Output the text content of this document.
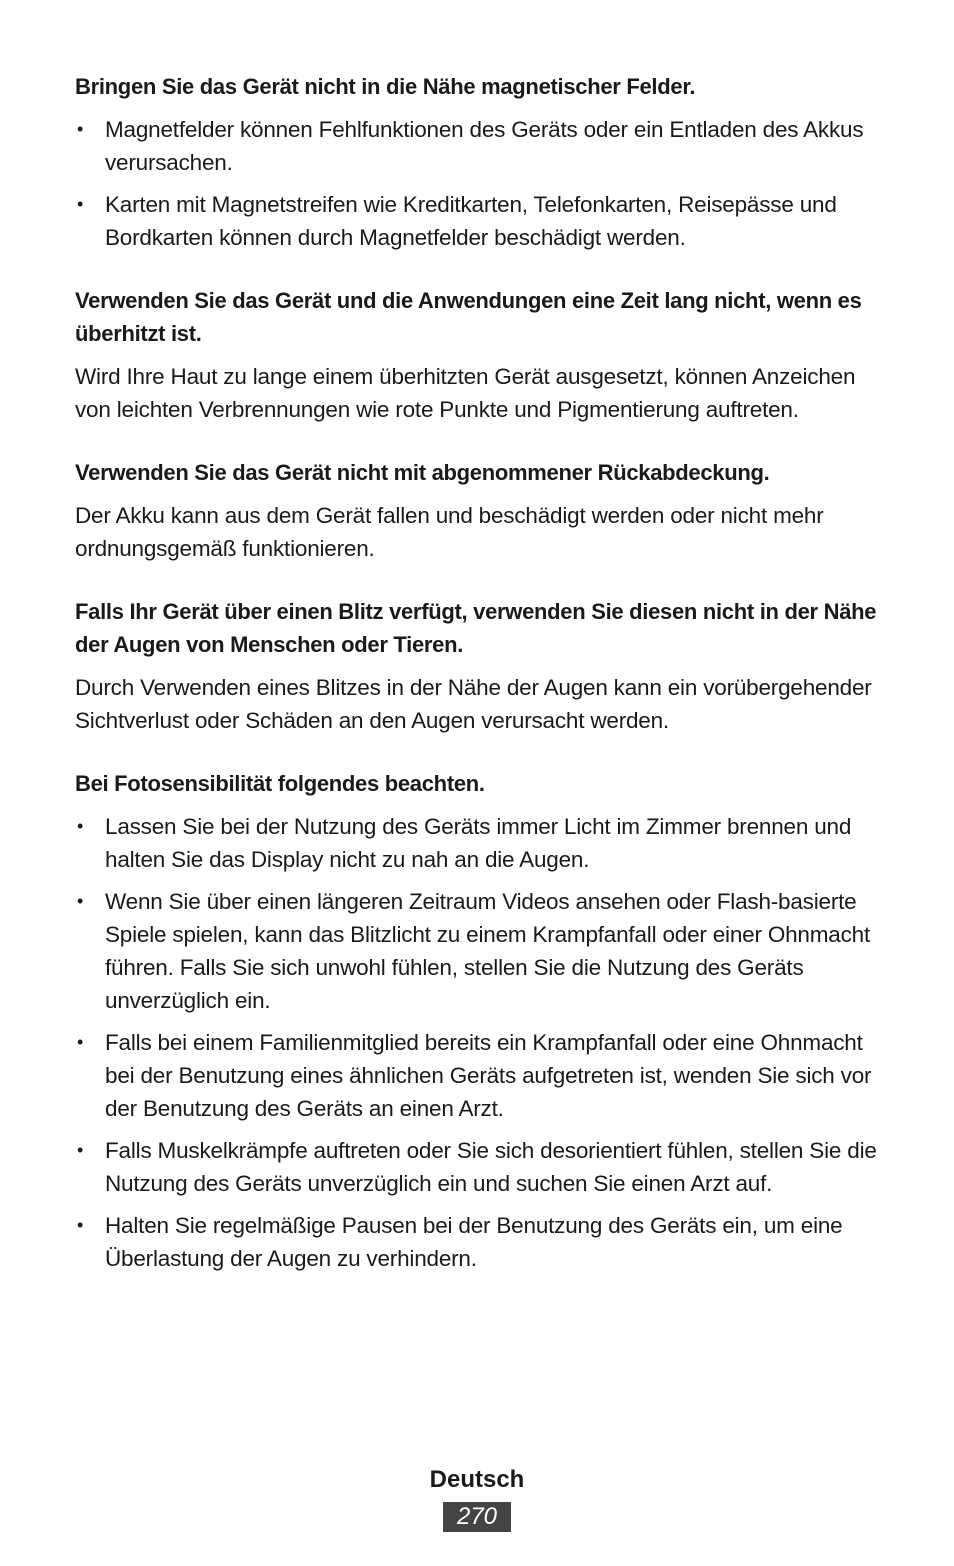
Bringen Sie das Gerät nicht in die Nähe magnetischer Felder.

• Magnetfelder können Fehlfunktionen des Geräts oder ein Entladen des Akkus verursachen.
• Karten mit Magnetstreifen wie Kreditkarten, Telefonkarten, Reisepässe und Bordkarten können durch Magnetfelder beschädigt werden.

Verwenden Sie das Gerät und die Anwendungen eine Zeit lang nicht, wenn es überhitzt ist.

Wird Ihre Haut zu lange einem überhitzten Gerät ausgesetzt, können Anzeichen von leichten Verbrennungen wie rote Punkte und Pigmentierung auftreten.

Verwenden Sie das Gerät nicht mit abgenommener Rückabdeckung.

Der Akku kann aus dem Gerät fallen und beschädigt werden oder nicht mehr ordnungsgemäß funktionieren.

Falls Ihr Gerät über einen Blitz verfügt, verwenden Sie diesen nicht in der Nähe der Augen von Menschen oder Tieren.

Durch Verwenden eines Blitzes in der Nähe der Augen kann ein vorübergehender Sichtverlust oder Schäden an den Augen verursacht werden.

Bei Fotosensibilität folgendes beachten.

• Lassen Sie bei der Nutzung des Geräts immer Licht im Zimmer brennen und halten Sie das Display nicht zu nah an die Augen.
• Wenn Sie über einen längeren Zeitraum Videos ansehen oder Flash-basierte Spiele spielen, kann das Blitzlicht zu einem Krampfanfall oder einer Ohnmacht führen. Falls Sie sich unwohl fühlen, stellen Sie die Nutzung des Geräts unverzüglich ein.
• Falls bei einem Familienmitglied bereits ein Krampfanfall oder eine Ohnmacht bei der Benutzung eines ähnlichen Geräts aufgetreten ist, wenden Sie sich vor der Benutzung des Geräts an einen Arzt.
• Falls Muskelkrämpfe auftreten oder Sie sich desorientiert fühlen, stellen Sie die Nutzung des Geräts unverzüglich ein und suchen Sie einen Arzt auf.
• Halten Sie regelmäßige Pausen bei der Benutzung des Geräts ein, um eine Überlastung der Augen zu verhindern.
Deutsch
270
